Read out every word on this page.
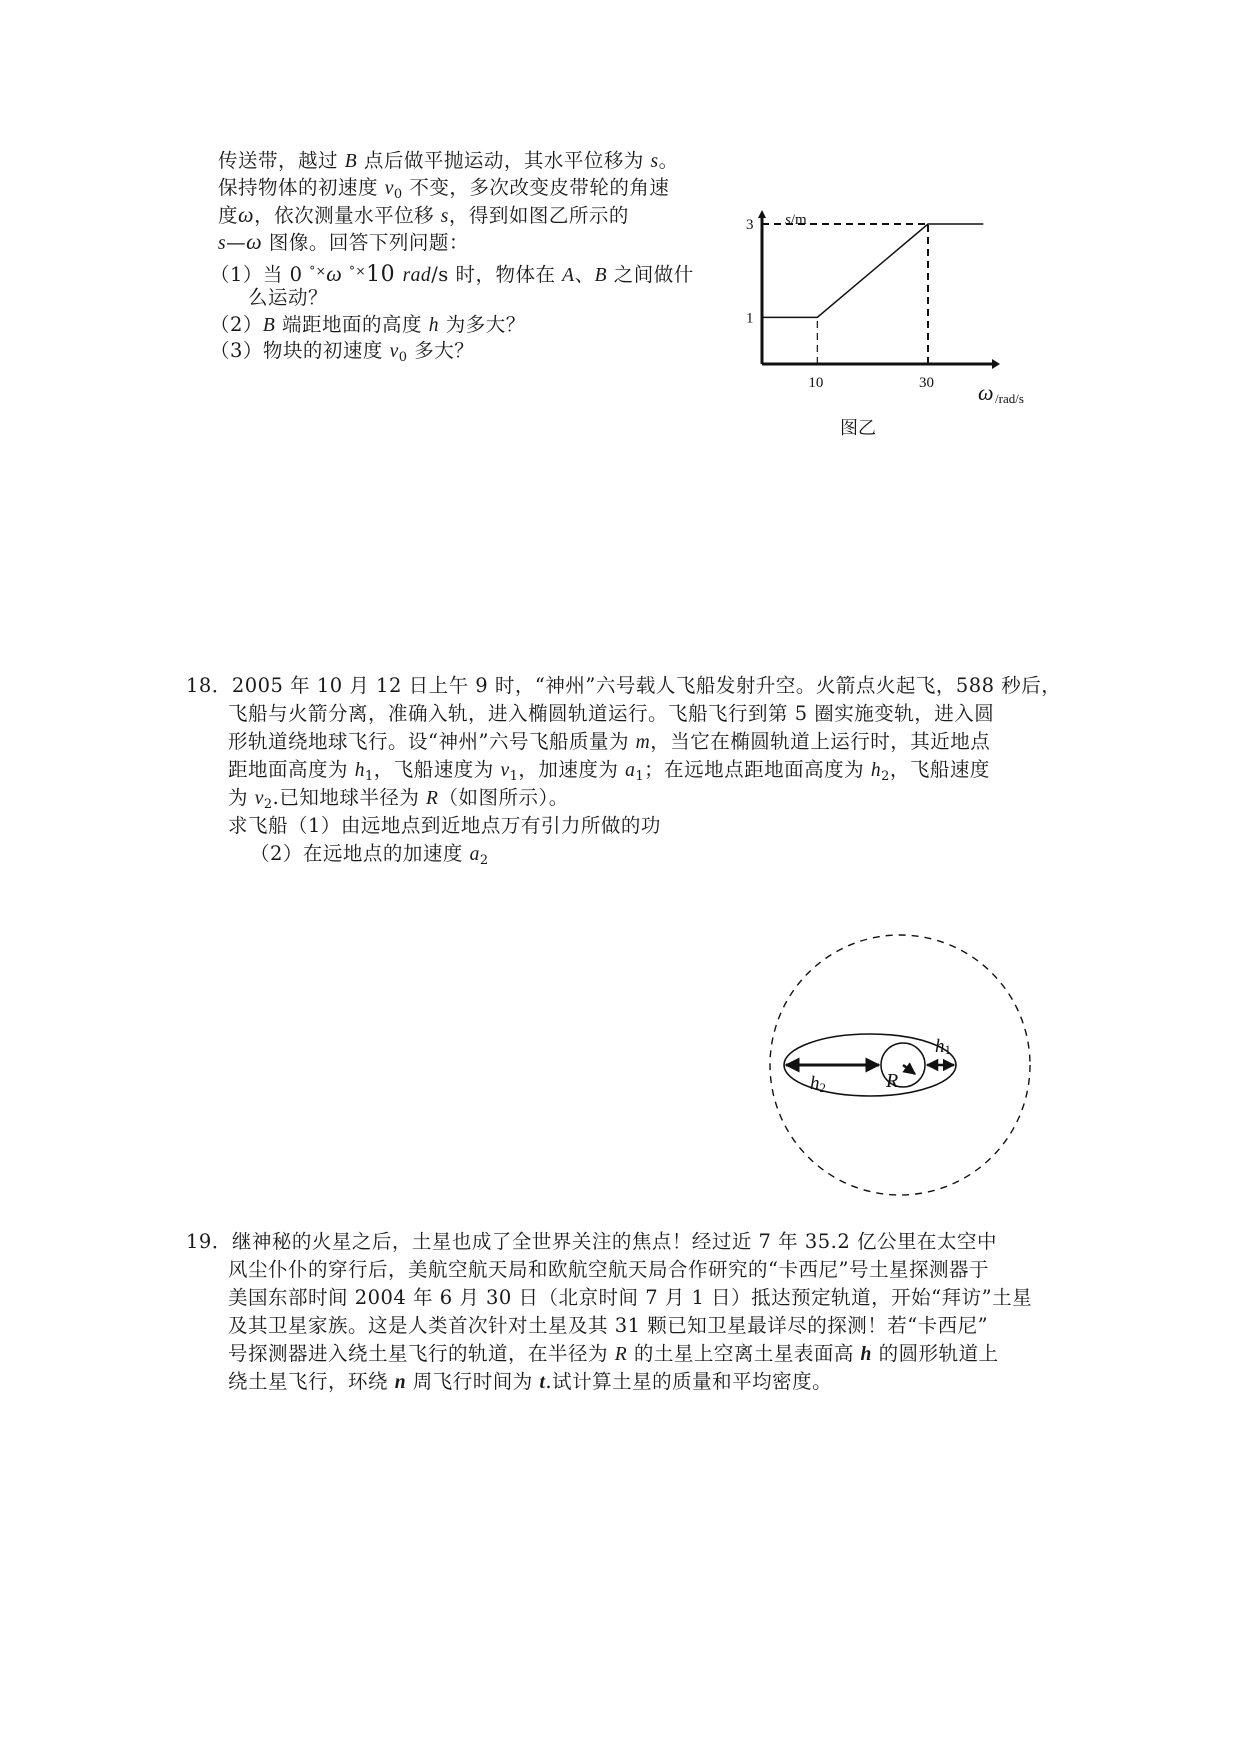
传送带，越过 B 点后做平抛运动，其水平位移为 s。
保持物体的初速度 $v_0$ 不变，多次改变皮带轮的角速
度ω，依次测量水平位移 s，得到如图乙所示的
s—ω 图像。回答下列问题：
（1）当 0 °×ω °×10 rad/s 时，物体在 A、B 之间做什
么运动？
（2）B 端距地面的高度 h 为多大？
（3）物块的初速度 $v_0$ 多大？
10	30
1
3 s/m
ω /rad/s
图乙
18．2005 年 10 月 12 日上午 9 时，“神州”六号载人飞船发射升空。火箭点火起飞，588 秒后，
飞船与火箭分离，准确入轨，进入椭圆轨道运行。飞船飞行到第 5 圈实施变轨，进入圆
形轨道绕地球飞行。设“神州”六号飞船质量为 m，当它在椭圆轨道上运行时，其近地点
距地面高度为 $h_1$，飞船速度为 $v_1$，加速度为 $a_1$；在远地点距地面高度为 $h_2$，飞船速度
为 $v_2$.已知地球半径为 R（如图所示）。
求飞船（1）由远地点到近地点万有引力所做的功
（2）在远地点的加速度 $a_2$
h2
h1
R
19．继神秘的火星之后，土星也成了全世界关注的焦点！经过近 7 年 35.2 亿公里在太空中
风尘仆仆的穿行后，美航空航天局和欧航空航天局合作研究的“卡西尼”号土星探测器于
美国东部时间 2004 年 6 月 30 日（北京时间 7 月 1 日）抵达预定轨道，开始“拜访”土星
及其卫星家族。这是人类首次针对土星及其 31 颗已知卫星最详尽的探测！若“卡西尼”
号探测器进入绕土星飞行的轨道，在半径为 R 的土星上空离土星表面高 h 的圆形轨道上
绕土星飞行，环绕 n 周飞行时间为 t.试计算土星的质量和平均密度。
